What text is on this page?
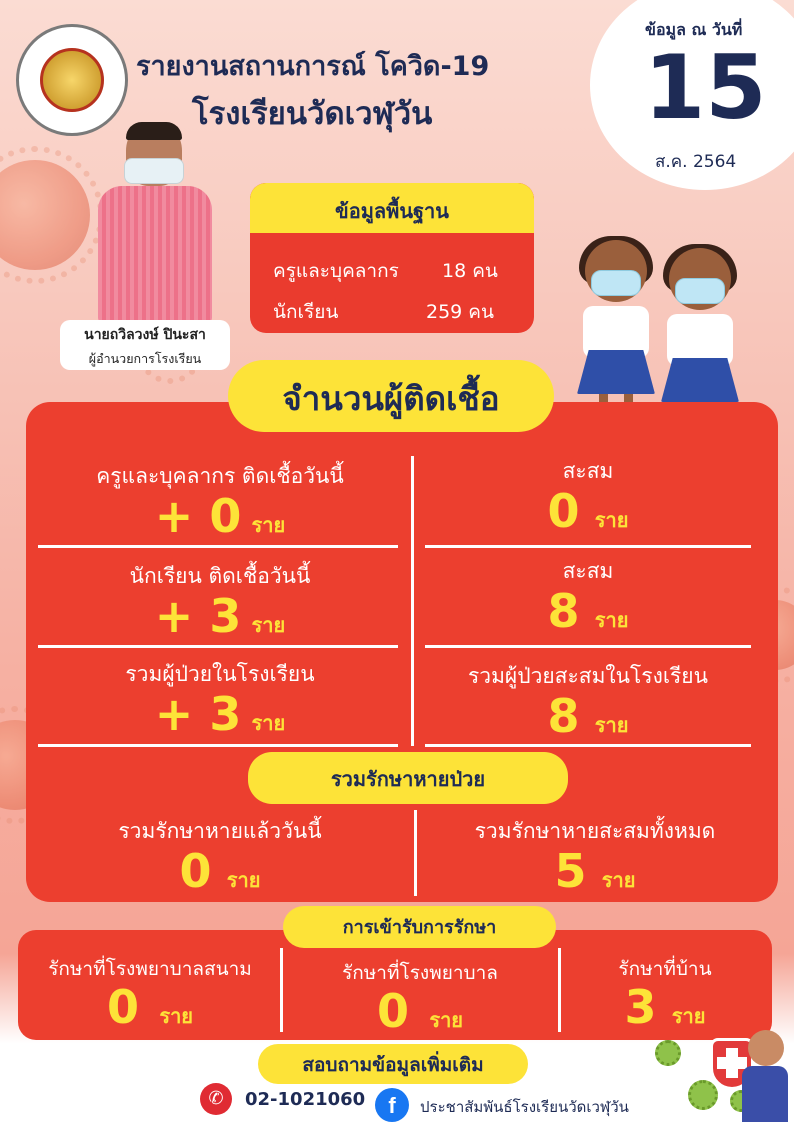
รายงานสถานการณ์ โควิด-19
โรงเรียนวัดเวฬุวัน
ข้อมูล ณ วันที่
15
ส.ค. 2564
นายถวิลวงษ์ ปินะสา
ผู้อำนวยการโรงเรียน
ข้อมูลพื้นฐาน
ครูและบุคลากร 18 คน
นักเรียน	259 คน
จำนวนผู้ติดเชื้อ
ครูและบุคลากร ติดเชื้อวันนี้
+ 0 ราย
นักเรียน ติดเชื้อวันนี้
+ 3 ราย
รวมผู้ป่วยในโรงเรียน
+ 3 ราย
สะสม
0 ราย
สะสม
8 ราย
รวมผู้ป่วยสะสมในโรงเรียน
8 ราย
รวมรักษาหายป่วย
รวมรักษาหายแล้ววันนี้
0 ราย
รวมรักษาหายสะสมทั้งหมด
5 ราย
การเข้ารับการรักษา
รักษาที่โรงพยาบาลสนาม
0 ราย
รักษาที่โรงพยาบาล
0 ราย
รักษาที่บ้าน
3 ราย
สอบถามข้อมูลเพิ่มเติม
✆	02-1021060	f	ประชาสัมพันธ์โรงเรียนวัดเวฬุวัน
